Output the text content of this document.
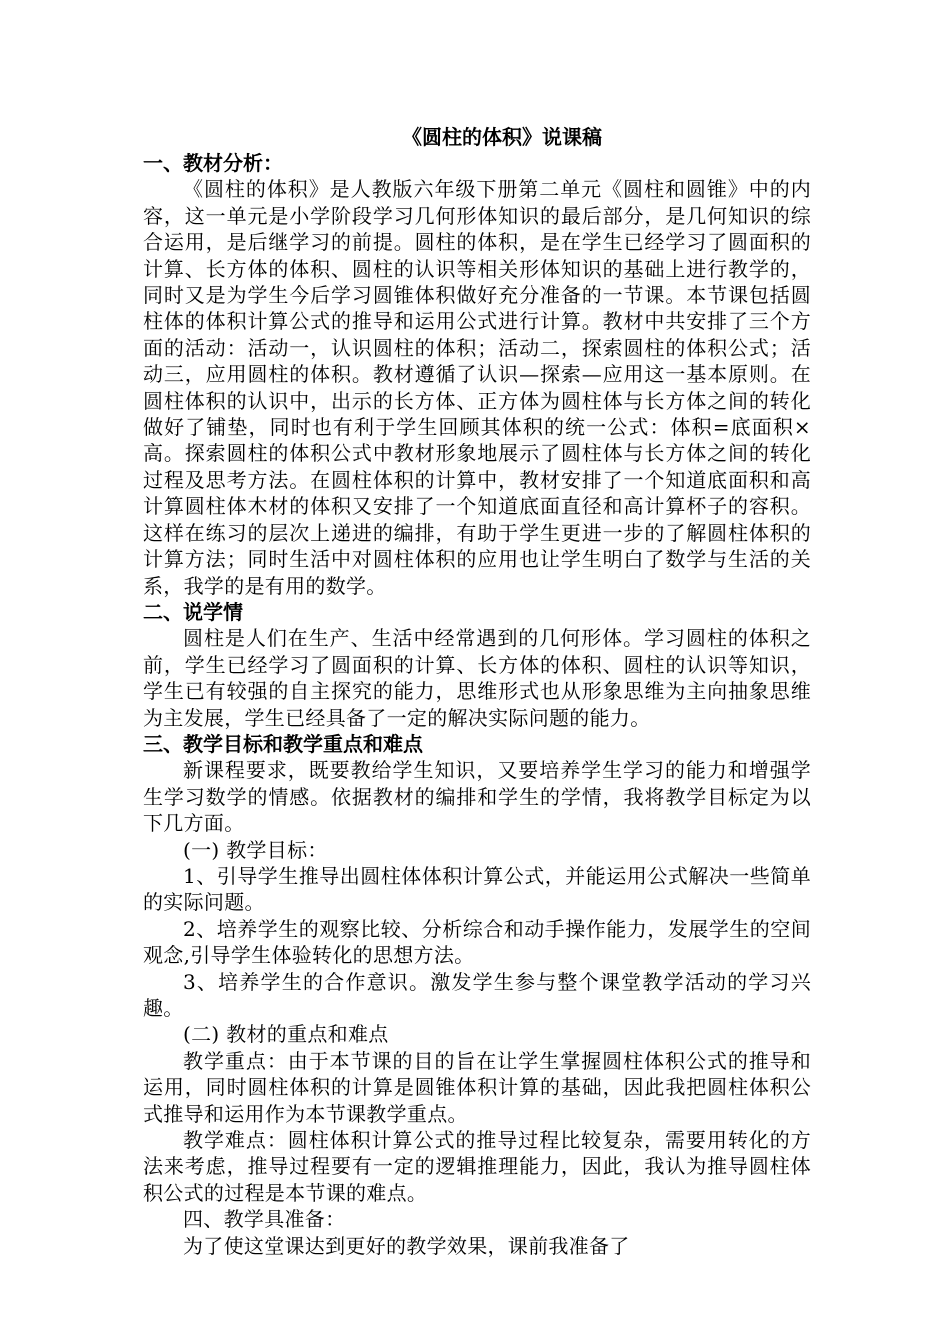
《圆柱的体积》说课稿
一、教材分析：

《圆柱的体积》是人教版六年级下册第二单元《圆柱和圆锥》中的内容，这一单元是小学阶段学习几何形体知识的最后部分，是几何知识的综合运用，是后继学习的前提。圆柱的体积，是在学生已经学习了圆面积的计算、长方体的体积、圆柱的认识等相关形体知识的基础上进行教学的，同时又是为学生今后学习圆锥体积做好充分准备的一节课。本节课包括圆柱体的体积计算公式的推导和运用公式进行计算。教材中共安排了三个方面的活动：活动一，认识圆柱的体积；活动二，探索圆柱的体积公式；活动三，应用圆柱的体积。教材遵循了认识—探索—应用这一基本原则。在圆柱体积的认识中，出示的长方体、正方体为圆柱体与长方体之间的转化做好了铺垫，同时也有利于学生回顾其体积的统一公式：体积=底面积×高。探索圆柱的体积公式中教材形象地展示了圆柱体与长方体之间的转化过程及思考方法。在圆柱体积的计算中，教材安排了一个知道底面积和高计算圆柱体木材的体积又安排了一个知道底面直径和高计算杯子的容积。这样在练习的层次上递进的编排，有助于学生更进一步的了解圆柱体积的计算方法；同时生活中对圆柱体积的应用也让学生明白了数学与生活的关系，我学的是有用的数学。

二、说学情

圆柱是人们在生产、生活中经常遇到的几何形体。学习圆柱的体积之前，学生已经学习了圆面积的计算、长方体的体积、圆柱的认识等知识，学生已有较强的自主探究的能力，思维形式也从形象思维为主向抽象思维为主发展，学生已经具备了一定的解决实际问题的能力。

三、教学目标和教学重点和难点

新课程要求，既要教给学生知识，又要培养学生学习的能力和增强学生学习数学的情感。依据教材的编排和学生的学情，我将教学目标定为以下几方面。

(一) 教学目标：

1、引导学生推导出圆柱体体积计算公式，并能运用公式解决一些简单的实际问题。

2、培养学生的观察比较、分析综合和动手操作能力，发展学生的空间观念,引导学生体验转化的思想方法。

3、培养学生的合作意识。激发学生参与整个课堂教学活动的学习兴趣。

(二) 教材的重点和难点

教学重点：由于本节课的目的旨在让学生掌握圆柱体积公式的推导和运用，同时圆柱体积的计算是圆锥体积计算的基础，因此我把圆柱体积公式推导和运用作为本节课教学重点。

教学难点：圆柱体积计算公式的推导过程比较复杂，需要用转化的方法来考虑，推导过程要有一定的逻辑推理能力，因此，我认为推导圆柱体积公式的过程是本节课的难点。

四、教学具准备：

为了使这堂课达到更好的教学效果，课前我准备了
